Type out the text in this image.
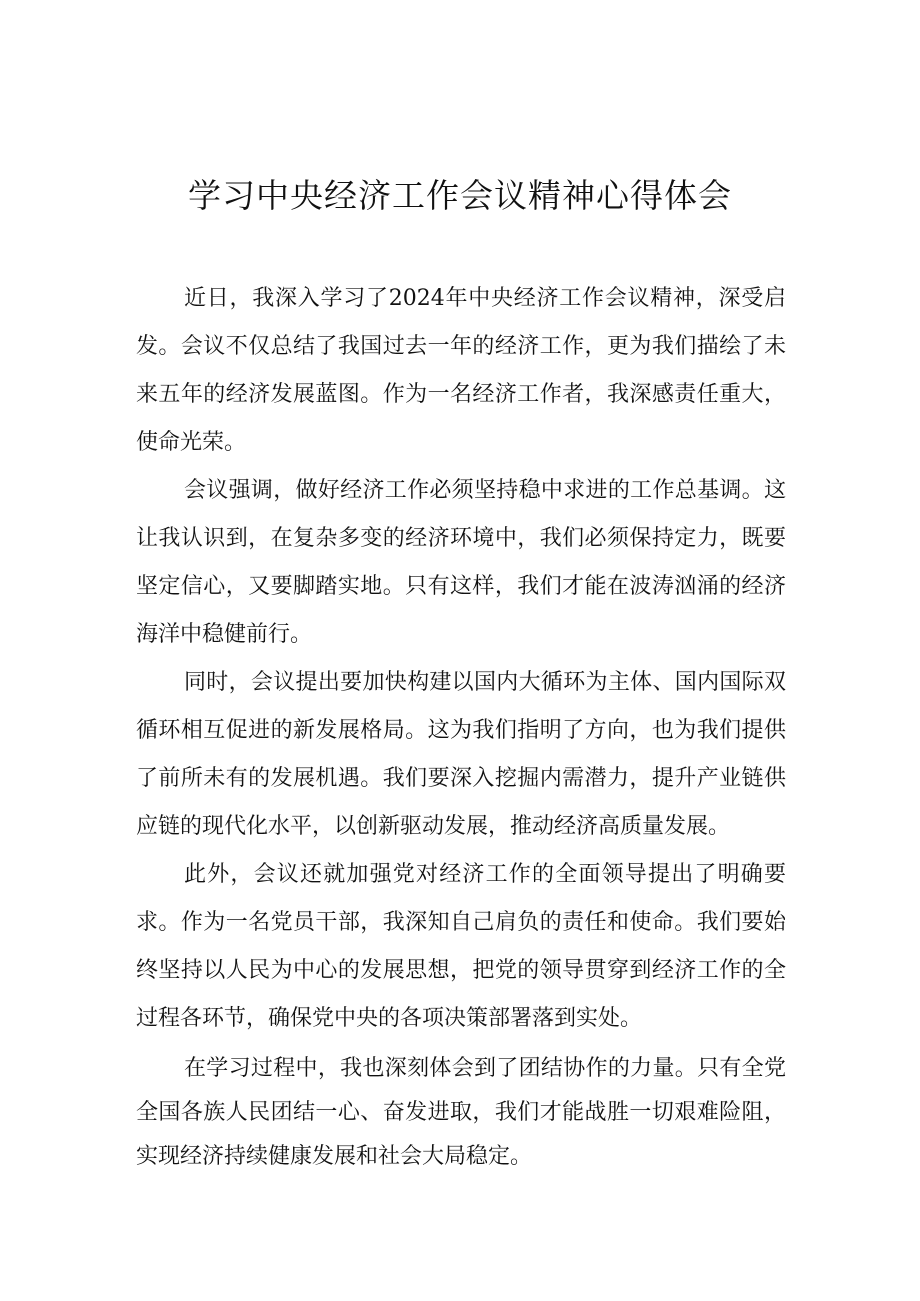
学习中央经济工作会议精神心得体会

近日，我深入学习了2024年中央经济工作会议精神，深受启发。会议不仅总结了我国过去一年的经济工作，更为我们描绘了未来五年的经济发展蓝图。作为一名经济工作者，我深感责任重大，使命光荣。

会议强调，做好经济工作必须坚持稳中求进的工作总基调。这让我认识到，在复杂多变的经济环境中，我们必须保持定力，既要坚定信心，又要脚踏实地。只有这样，我们才能在波涛汹涌的经济海洋中稳健前行。

同时，会议提出要加快构建以国内大循环为主体、国内国际双循环相互促进的新发展格局。这为我们指明了方向，也为我们提供了前所未有的发展机遇。我们要深入挖掘内需潜力，提升产业链供应链的现代化水平，以创新驱动发展，推动经济高质量发展。

此外，会议还就加强党对经济工作的全面领导提出了明确要求。作为一名党员干部，我深知自己肩负的责任和使命。我们要始终坚持以人民为中心的发展思想，把党的领导贯穿到经济工作的全过程各环节，确保党中央的各项决策部署落到实处。

在学习过程中，我也深刻体会到了团结协作的力量。只有全党全国各族人民团结一心、奋发进取，我们才能战胜一切艰难险阻，实现经济持续健康发展和社会大局稳定。
